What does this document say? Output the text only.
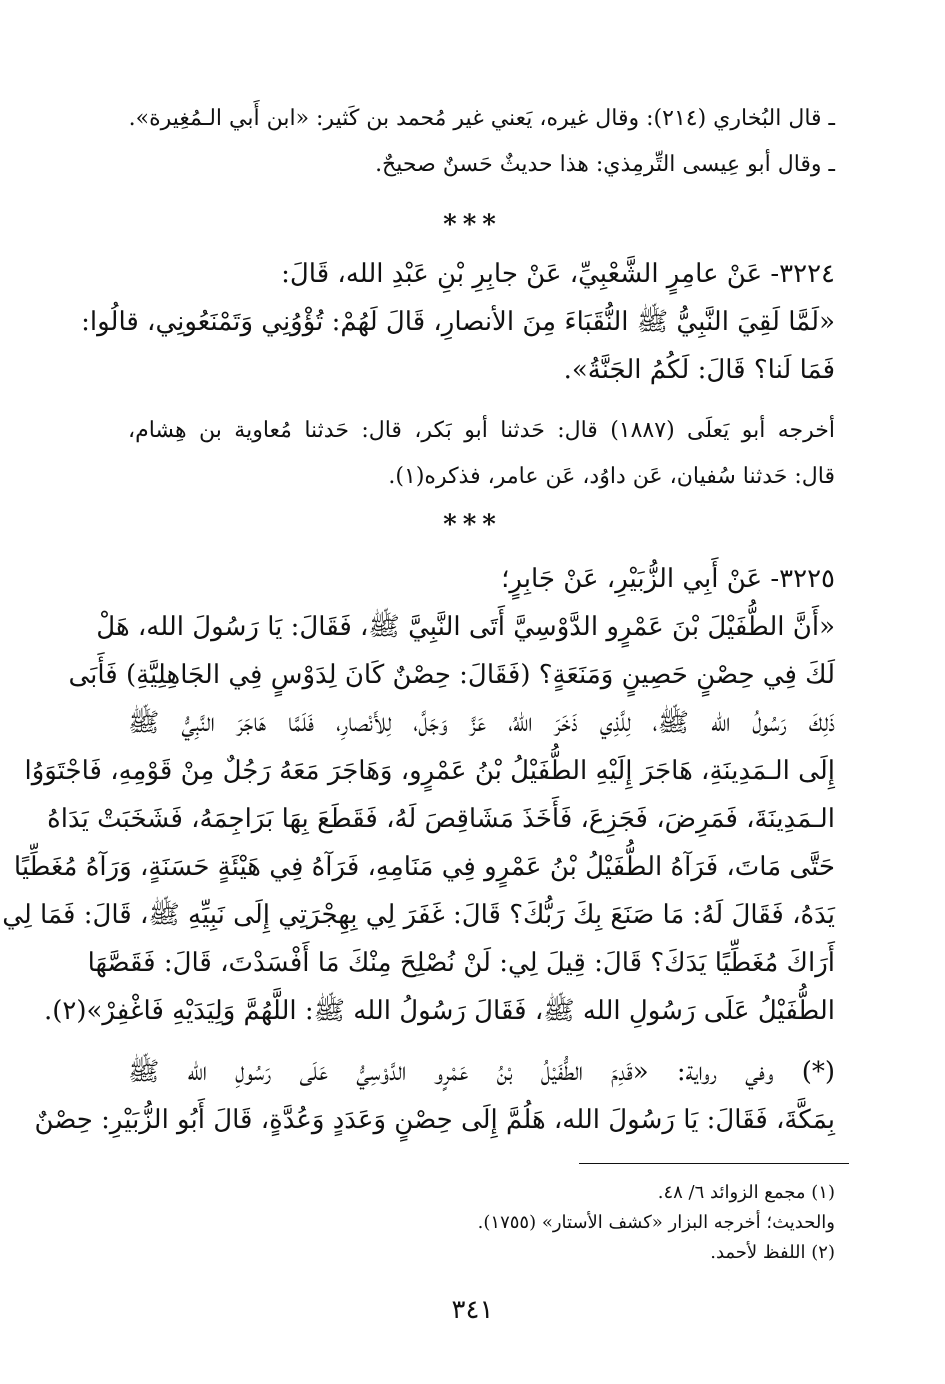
ـ قال البُخاري (٢١٤): وقال غيره، يَعني غير مُحمد بن كَثير: «ابن أَبي الـمُغِيرة».
ـ وقال أبو عِيسى التِّرمِذي: هذا حديثٌ حَسنٌ صحيحٌ.
***
٣٢٢٤- عَنْ عامِرٍ الشَّعْبِيِّ، عَنْ جابِرِ بْنِ عَبْدِ الله، قَالَ:
«لَمَّا لَقِيَ النَّبِيُّ ﷺ النُّقَبَاءَ مِنَ الأنصارِ، قَالَ لَهُمْ: تُؤْوُنِي وَتَمْنَعُونِي، قالُوا:
فَمَا لَنا؟ قَالَ: لَكُمُ الجَنَّةُ».
أخرجه أبو يَعلَى (١٨٨٧) قال: حَدثنا أبو بَكر، قال: حَدثنا مُعاوية بن هِشام،
قال: حَدثنا سُفيان، عَن داوُد، عَن عامر، فذكره(١).
***
٣٢٢٥- عَنْ أَبِي الزُّبَيْرِ، عَنْ جَابِرٍ؛
«أَنَّ الطُّفَيْلَ بْنَ عَمْرٍو الدَّوْسِيَّ أَتَى النَّبِيَّ ﷺ، فَقَالَ: يَا رَسُولَ الله، هَلْ
لَكَ فِي حِصْنٍ حَصِينٍ وَمَنَعَةٍ؟ (فَقَالَ: حِصْنٌ كَانَ لِدَوْسٍ فِي الجَاهِلِيَّةِ) فَأَبَى
ذَلِكَ رَسُولُ الله ﷺ، لِلَّذِي ذَخَرَ اللهُ، عَزَّ وَجَلَّ، لِلأَنْصارِ، فَلَمَّا هَاجَرَ النَّبِيُّ ﷺ
إِلَى الـمَدِينَةِ، هَاجَرَ إِلَيْهِ الطُّفَيْلُ بْنُ عَمْرٍو، وَهَاجَرَ مَعَهُ رَجُلٌ مِنْ قَوْمِهِ، فَاجْتَوَوُا
الـمَدِينَةَ، فَمَرِضَ، فَجَزِعَ، فَأَخَذَ مَشَاقِصَ لَهُ، فَقَطَعَ بِهَا بَرَاجِمَهُ، فَشَخَبَتْ يَدَاهُ
حَتَّى مَاتَ، فَرَآهُ الطُّفَيْلُ بْنُ عَمْرٍو فِي مَنَامِهِ، فَرَآهُ فِي هَيْئَةٍ حَسَنَةٍ، وَرَآهُ مُغَطِّيًا
يَدَهُ، فَقَالَ لَهُ: مَا صَنَعَ بِكَ رَبُّكَ؟ قَالَ: غَفَرَ لِي بِهِجْرَتِي إِلَى نَبِيِّهِ ﷺ، قَالَ: فَمَا لِي
أَرَاكَ مُغَطِّيًا يَدَكَ؟ قَالَ: قِيلَ لِي: لَنْ نُصْلِحَ مِنْكَ مَا أَفْسَدْتَ، قَالَ: فَقَصَّهَا
الطُّفَيْلُ عَلَى رَسُولِ الله ﷺ، فَقَالَ رَسُولُ الله ﷺ: اللَّهُمَّ وَلِيَدَيْهِ فَاغْفِرْ»(٢).
(*) وفي رواية: «قَدِمَ الطُّفَيْلُ بْنُ عَمْرٍو الدَّوْسِيُّ عَلَى رَسُولِ الله ﷺ
بِمَكَّةَ، فَقَالَ: يَا رَسُولَ الله، هَلُمَّ إِلَى حِصْنٍ وَعَدَدٍ وَعُدَّةٍ، قَالَ أَبُو الزُّبَيْرِ: حِصْنٌ
(١) مجمع الزوائد ٦/ ٤٨.
والحديث؛ أخرجه البزار «كشف الأستار» (١٧٥٥).
(٢) اللفظ لأحمد.
٣٤١
